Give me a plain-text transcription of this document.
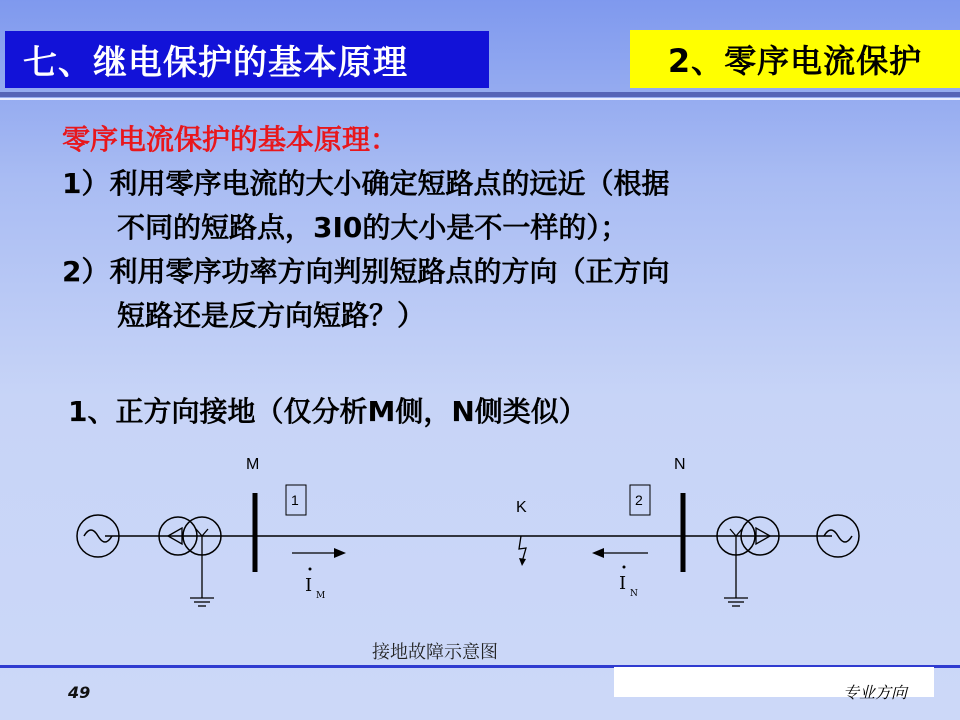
七、继电保护的基本原理	2、零序电流保护
零序电流保护的基本原理：
1）利用零序电流的大小确定短路点的远近（根据
不同的短路点，3I0的大小是不一样的）；
2）利用零序功率方向判别短路点的方向（正方向
短路还是反方向短路？）
1、正方向接地（仅分析M侧，N侧类似）
M
1
I M
K
I N
2
N
接地故障示意图
专业方向
49
